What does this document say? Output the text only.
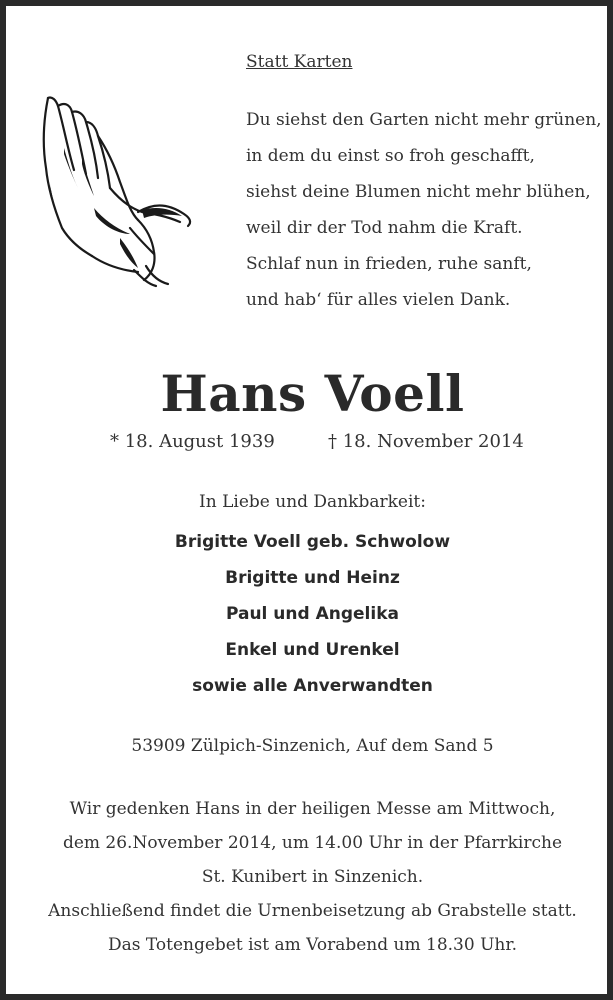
Statt Karten
Du siehst den Garten nicht mehr grünen,
in dem du einst so froh geschafft,
siehst deine Blumen nicht mehr blühen,
weil dir der Tod nahm die Kraft.
Schlaf nun in frieden, ruhe sanft,
und hab‘ für alles vielen Dank.
Hans Voell
* 18. August 1939	† 18. November 2014
In Liebe und Dankbarkeit:
Brigitte Voell geb. Schwolow
Brigitte und Heinz
Paul und Angelika
Enkel und Urenkel
sowie alle Anverwandten
53909 Zülpich-Sinzenich, Auf dem Sand 5
Wir gedenken Hans in der heiligen Messe am Mittwoch,
dem 26.November 2014, um 14.00 Uhr in der Pfarrkirche
St. Kunibert in Sinzenich.
Anschließend findet die Urnenbeisetzung ab Grabstelle statt.
Das Totengebet ist am Vorabend um 18.30 Uhr.
